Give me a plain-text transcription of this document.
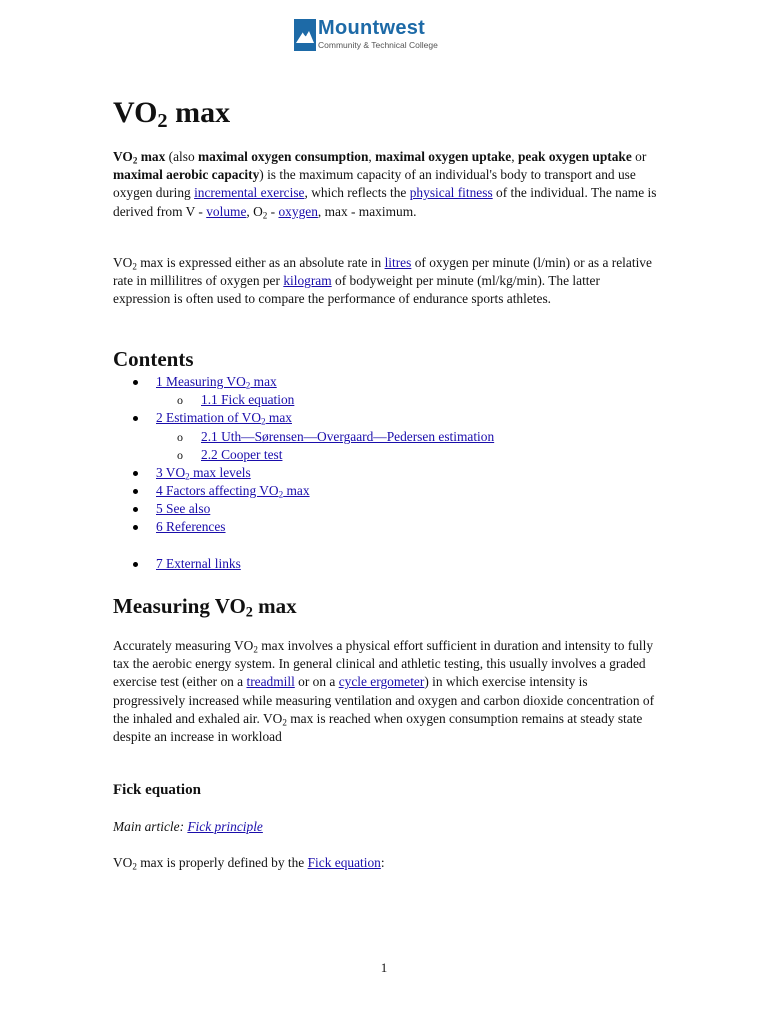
Mountwest
Community & Technical College
$VO_2$ max

$VO_2$ max (also maximal oxygen consumption, maximal oxygen uptake, peak oxygen uptake or maximal aerobic capacity) is the maximum capacity of an individual's body to transport and use oxygen during incremental exercise, which reflects the physical fitness of the individual. The name is derived from V - volume, $O_2$ - oxygen, max - maximum.

$VO_2$ max is expressed either as an absolute rate in litres of oxygen per minute (l/min) or as a relative rate in millilitres of oxygen per kilogram of bodyweight per minute (ml/kg/min). The latter expression is often used to compare the performance of endurance sports athletes.

Contents
1 Measuring $VO_2$ max
o 1.1 Fick equation
2 Estimation of $VO_2$ max
o 2.1 Uth—Sørensen—Overgaard—Pedersen estimation
o 2.2 Cooper test
3 $VO_2$ max levels
4 Factors affecting $VO_2$ max
5 See also
6 References
7 External links
Measuring $VO_2$ max

Accurately measuring $VO_2$ max involves a physical effort sufficient in duration and intensity to fully tax the aerobic energy system. In general clinical and athletic testing, this usually involves a graded exercise test (either on a treadmill or on a cycle ergometer) in which exercise intensity is progressively increased while measuring ventilation and oxygen and carbon dioxide concentration of the inhaled and exhaled air. $VO_2$ max is reached when oxygen consumption remains at steady state despite an increase in workload

Fick equation

Main article: Fick principle

$VO_2$ max is properly defined by the Fick equation:

1
